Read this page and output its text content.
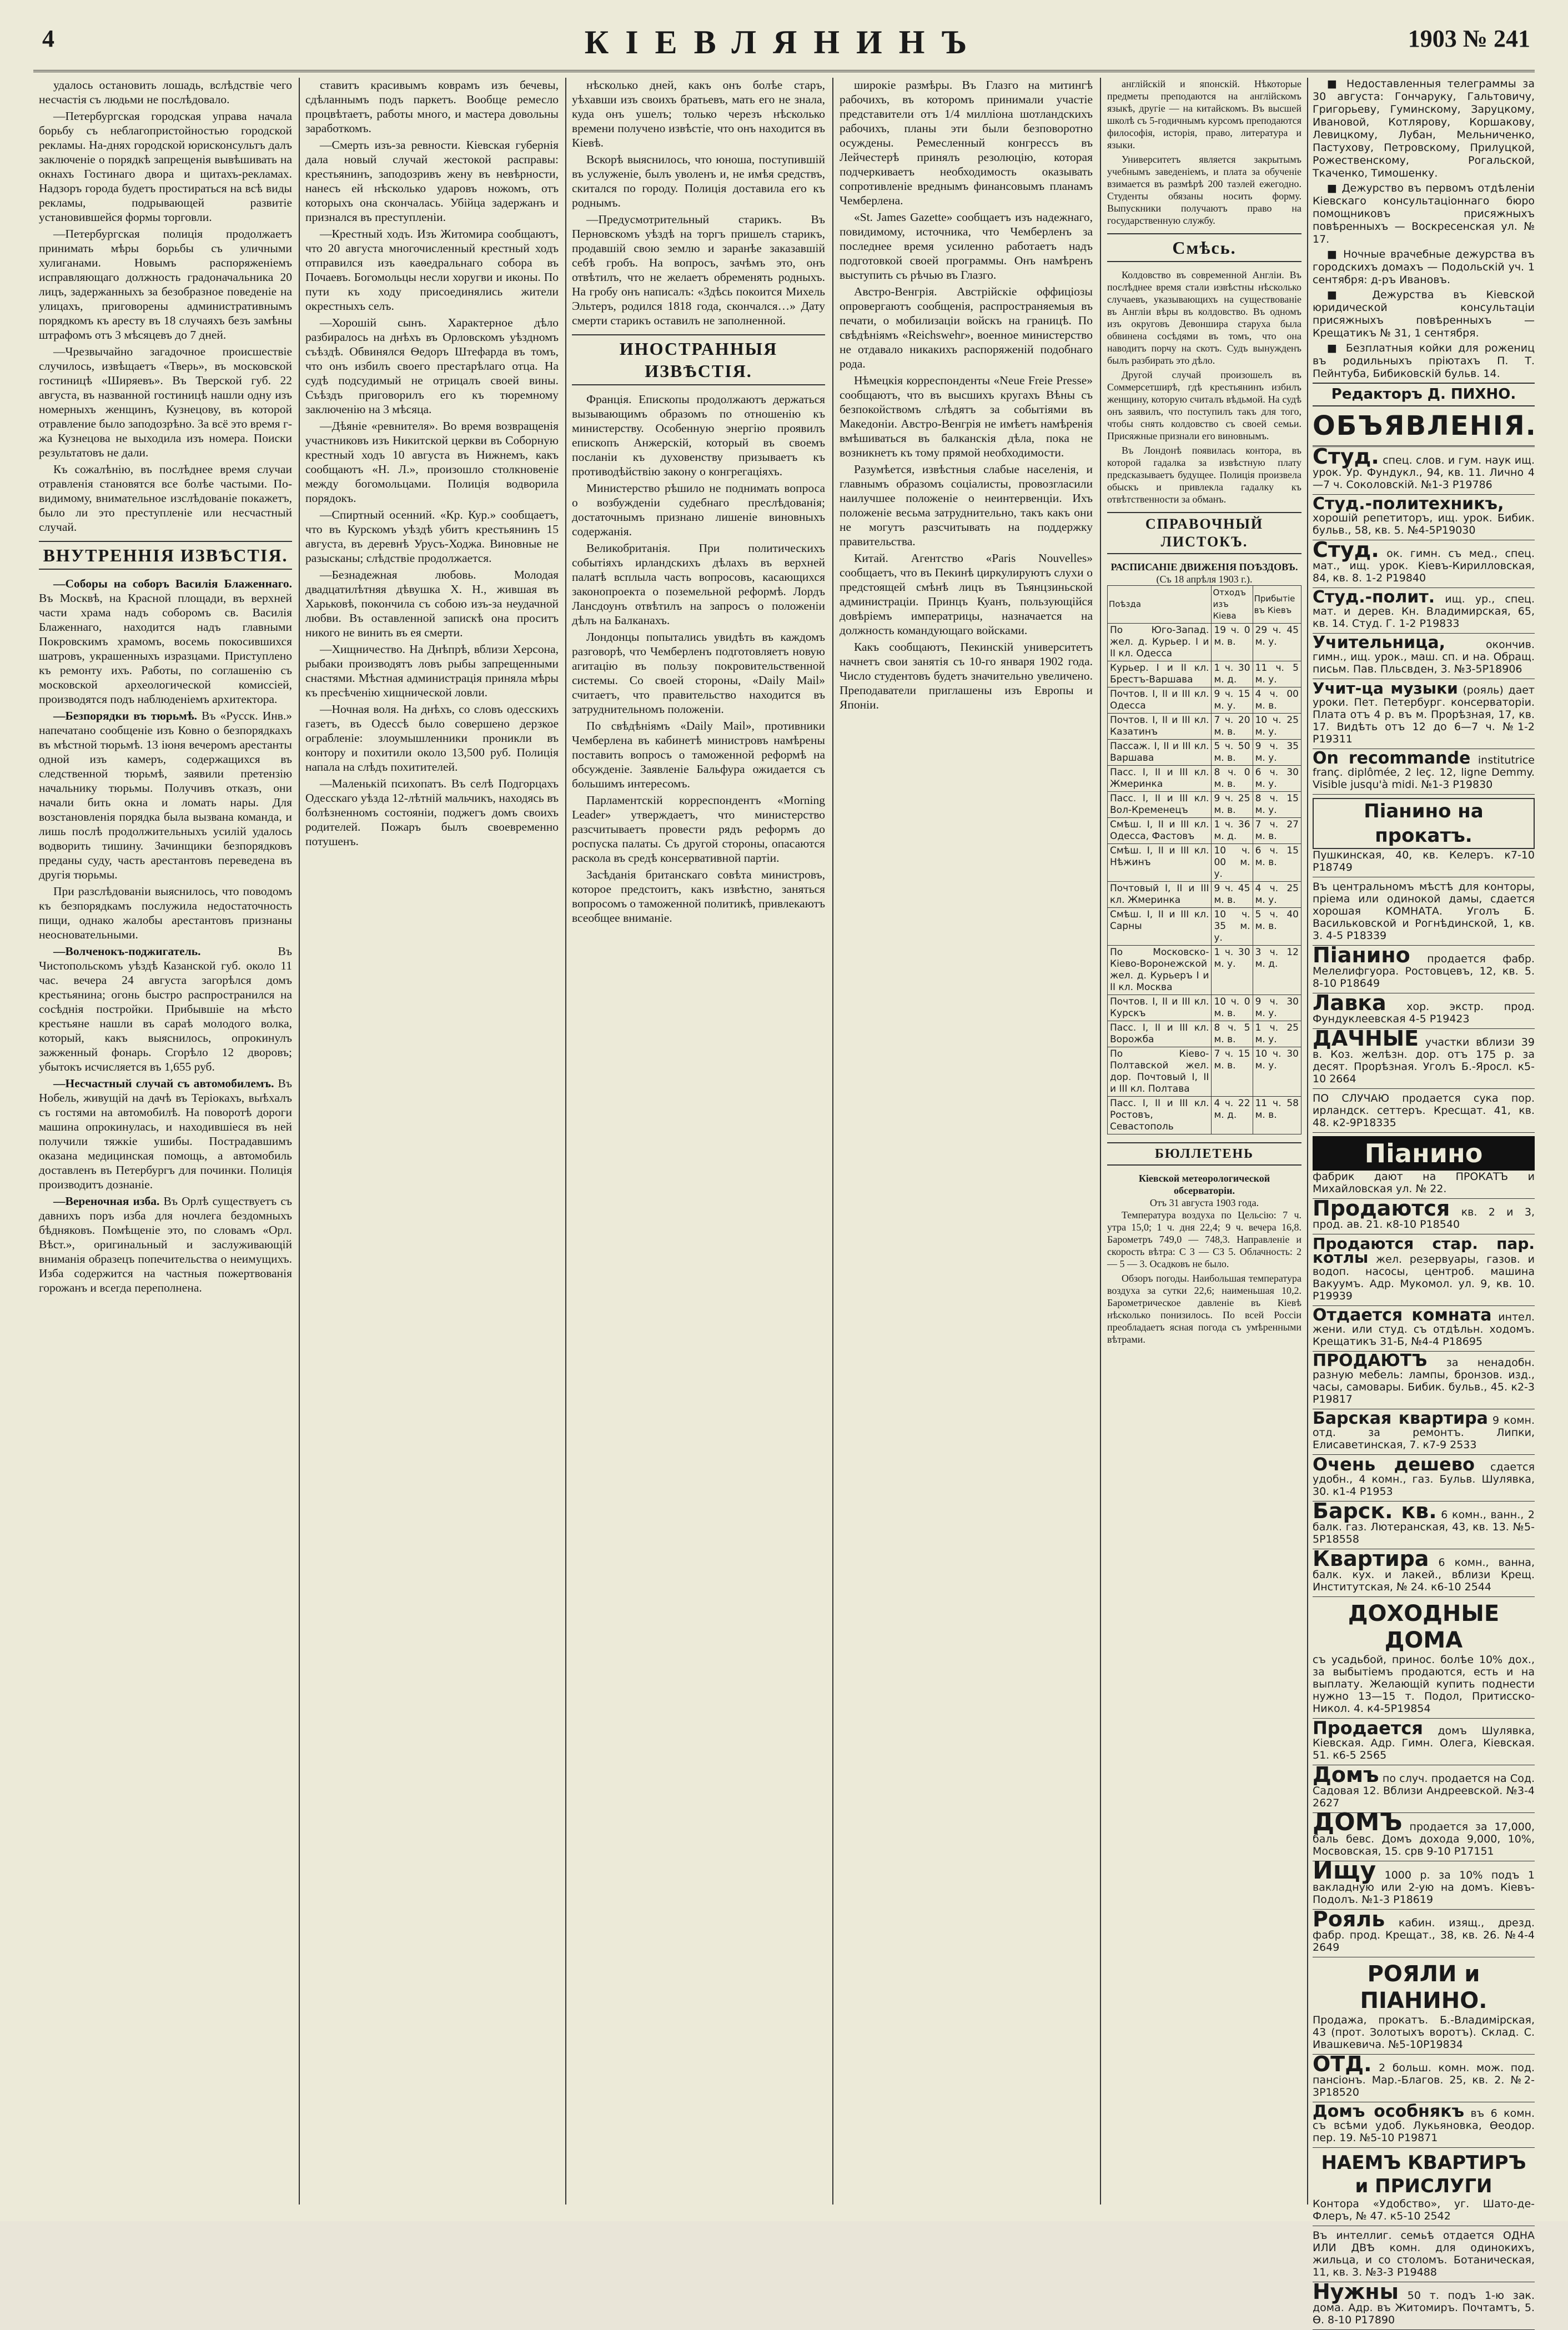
4	КІЕВЛЯНИНЪ	1903 № 241

удалось остановить лошадь, вслѣдствіе чего несчастія съ людьми не послѣдовало.

—Петербургская городская управа начала борьбу съ неблагопристойностью городской рекламы. На-днях городской юрисконсультъ далъ заключеніе о порядкѣ запрещенія вывѣшивать на окнахъ Гостинаго двора и щитахъ-рекламах. Надзоръ города будетъ простираться на всѣ виды рекламы, подрывающей развитіе установившейся формы торговли.

—Петербургская полиція продолжаетъ принимать мѣры борьбы съ уличными хулиганами. Новымъ распоряженіемъ исправляющаго должность градоначальника 20 лицъ, задержанныхъ за безобразное поведеніе на улицахъ, приговорены административнымъ порядкомъ къ аресту въ 18 случаяхъ безъ замѣны штрафомъ отъ 3 мѣсяцевъ до 7 дней.

—Чрезвычайно загадочное происшествіе случилось, извѣщаетъ «Тверь», въ московской гостиницѣ «Ширяевъ». Въ Тверской губ. 22 августа, въ названной гостиницѣ нашли одну изъ номерныхъ женщинъ, Кузнецову, въ которой отравление было заподозрѣно. За всё это время г-жа Кузнецова не выходила изъ номера. Поиски результатовъ не дали.

Къ сожалѣнію, въ послѣднее время случаи отравленія становятся все болѣе частыми. По-видимому, внимательное изслѣдованіе покажетъ, было ли это преступленіе или несчастный случай.

ВНУТРЕННІЯ ИЗВѢСТІЯ.

—Соборы на соборъ Василія Блаженнаго. Въ Москвѣ, на Красной площади, въ верхней части храма надъ соборомъ св. Василія Блаженнаго, находится надъ главными Покровскимъ храмомъ, восемь покосившихся шатровъ, украшенныхъ изразцами. Приступлено къ ремонту ихъ. Работы, по соглашенію съ московской археологической комиссіей, производятся подъ наблюденіемъ архитектора.

—Безпорядки въ тюрьмѣ. Въ «Русск. Инв.» напечатано сообщеніе изъ Ковно о безпорядкахъ въ мѣстной тюрьмѣ. 13 іюня вечеромъ арестанты одной изъ камеръ, содержащихся въ следственной тюрьмѣ, заявили претензію начальнику тюрьмы. Получивъ отказъ, они начали бить окна и ломать нары. Для возстановленія порядка была вызвана команда, и лишь послѣ продолжительныхъ усилій удалось водворить тишину. Зачинщики безпорядковъ преданы суду, часть арестантовъ переведена въ другія тюрьмы.

При разслѣдованіи выяснилось, что поводомъ къ безпорядкамъ послужила недостаточность пищи, однако жалобы арестантовъ признаны неосновательными.

—Волченокъ-поджигатель.	Въ Чистопольскомъ уѣздѣ Казанской губ. около 11 час. вечера 24 августа загорѣлся домъ крестьянина; огонь быстро распространился на сосѣднія постройки. Прибывшіе на мѣсто крестьяне нашли въ сараѣ молодого волка, который, какъ выяснилось, опрокинулъ зажженный фонарь. Сгорѣло 12 дворовъ; убытокъ исчисляется въ 1,655 руб.

—Несчастный случай съ автомобилемъ. Въ Нобель, живущій на дачѣ въ Терiокахъ, выѣхалъ съ гостями на автомобилѣ. На поворотѣ дороги машина опрокинулась, и находившіеся въ ней получили тяжкіе ушибы. Пострадавшимъ оказана медицинская помощь, а автомобиль доставленъ въ Петербургъ для починки. Полиція производитъ дознаніе.

—Вереночная изба. Въ Орлѣ существуетъ съ давнихъ поръ изба для ночлега бездомныхъ бѣдняковъ. Помѣщеніе это, по словамъ «Орл. Вѣст.», оригинальный и заслуживающій вниманія образецъ попечительства о неимущихъ. Изба содержится на частныя пожертвованія горожанъ и всегда переполнена.

ставитъ красивымъ коврамъ изъ бечевы, сдѣланнымъ подъ паркетъ. Вообще ремесло процвѣтаетъ, работы много, и мастера довольны заработкомъ.

—Смерть изъ-за ревности. Кіевская губернія дала новый случай жестокой расправы: крестьянинъ, заподозривъ жену въ невѣрности, нанесъ ей нѣсколько ударовъ ножомъ, отъ которыхъ она скончалась. Убійца задержанъ и признался въ преступленіи.

—Крестный ходъ. Изъ Житомира сообщаютъ, что 20 августа многочисленный крестный ходъ отправился изъ каѳедральнаго собора въ Почаевъ. Богомольцы несли хоругви и иконы. По пути къ ходу присоединялись жители окрестныхъ селъ.

—Хорошій сынъ. Характерное дѣло разбиралось на днѣхъ въ Орловскомъ уѣздномъ съѣздѣ. Обвинялся Ѳедоръ Штефарда въ томъ, что онъ избилъ своего престарѣлаго отца. На судѣ подсудимый не отрицалъ своей вины. Съѣздъ приговорилъ его къ тюремному заключенію на 3 мѣсяца.

—Дѣяніе «ревнителя». Во время возвращенія участниковъ изъ Никитской церкви въ Соборную крестный ходъ 10 августа въ Нижнемъ, какъ сообщаютъ «Н. Л.», произошло столкновеніе между богомольцами. Полиція водворила порядокъ.

—Спиртный осенний. «Кр. Кур.» сообщаетъ, что въ Курскомъ уѣздѣ убитъ крестьянинъ 15 августа, въ деревнѣ Урусъ-Ходжа. Виновные не разысканы; слѣдствіе продолжается.

—Безнадежная любовь. Молодая двадцатилѣтняя дѣвушка Х. Н., жившая въ Харьковѣ, покончила съ собою изъ-за неудачной любви. Въ оставленной запискѣ она проситъ никого не винить въ ея смерти.

—Хищничество. На Днѣпрѣ, вблизи Херсона, рыбаки производятъ ловъ рыбы запрещенными снастями. Мѣстная администрація приняла мѣры къ пресѣченію хищнической ловли.

—Ночная воля. На днѣхъ, со словъ одесскихъ газетъ, въ Одессѣ было совершено дерзкое ограбленіе: злоумышленники проникли въ контору и похитили около 13,500 руб. Полиція напала на слѣдъ похитителей.

—Маленькій психопатъ. Въ селѣ Подгорцахъ Одесскаго уѣзда 12-лѣтній мальчикъ, находясь въ болѣзненномъ состояніи, поджегъ домъ своихъ родителей. Пожаръ былъ своевременно потушенъ.

нѣсколько дней, какъ онъ болѣе старъ, уѣхавши изъ своихъ братьевъ, мать его не знала, куда онъ ушелъ; только черезъ нѣсколько времени получено извѣстіе, что онъ находится въ Кіевѣ.

Вскорѣ выяснилось, что юноша, поступившій въ услуженіе, былъ уволенъ и, не имѣя средствъ, скитался по городу. Полиція доставила его къ роднымъ.

—Предусмотрительный старикъ. Въ Перновскомъ уѣздѣ на торгъ пришелъ старикъ, продавшій свою землю и заранѣе заказавшій себѣ гробъ. На вопросъ, зачѣмъ это, онъ отвѣтилъ, что не желаетъ обременять родныхъ. На гробу онъ написалъ: «Здѣсь покоится Михель Эльтеръ, родился 1818 года, скончался…» Дату смерти старикъ оставилъ не заполненной.

ИНОСТРАННЫЯ ИЗВѢСТІЯ.

Франція. Епископы продолжаютъ держаться вызывающимъ образомъ по отношенію къ министерству. Особенную энергію проявилъ епископъ Анжерскій, который въ своемъ посланіи къ духовенству призываетъ къ противодѣйствію закону о конгрегаціяхъ.

Министерство рѣшило не поднимать вопроса о возбужденіи судебнаго преслѣдованія; достаточнымъ признано лишеніе виновныхъ содержанія.

Великобританія. При политическихъ событіяхъ ирландскихъ дѣлахъ въ верхней палатѣ всплыла часть вопросовъ, касающихся законопроекта о поземельной реформѣ. Лордъ Лансдоунъ отвѣтилъ на запросъ о положеніи дѣлъ на Балканахъ.

Лондонцы попытались увидѣть въ каждомъ разговорѣ, что Чемберленъ подготовляетъ новую агитацію въ пользу покровительственной системы. Со своей стороны, «Daily Mail» считаетъ, что правительство находится въ затруднительномъ положеніи.

По свѣдѣніямъ «Daily Mail», противники Чемберлена въ кабинетѣ министровъ намѣрены поставить вопросъ о таможенной реформѣ на обсужденіе. Заявленіе Бальфура ожидается съ большимъ интересомъ.

Парламентскій корреспондентъ «Morning Leader» утверждаетъ, что министерство разсчитываетъ провести рядъ реформъ до роспуска палаты. Съ другой стороны, опасаются раскола въ средѣ консервативной партіи.

Засѣданія британскаго совѣта министровъ, которое предстоитъ, какъ извѣстно, заняться вопросомъ о таможенной политикѣ, привлекаютъ всеобщее вниманіе.

широкіе размѣры. Въ Глазго на митингѣ рабочихъ, въ которомъ принимали участіе представители отъ 1/4 милліона шотландскихъ рабочихъ, планы эти были безповоротно осуждены. Ремесленный конгрессъ въ Лейчестерѣ принялъ резолюцію, которая подчеркиваетъ необходимость оказывать сопротивленіе вреднымъ финансовымъ планамъ Чемберлена.

«St. James Gazette» сообщаетъ изъ надежнаго, повидимому, источника, что Чемберленъ за последнее время усиленно работаетъ надъ подготовкой своей программы. Онъ намѣренъ выступить съ рѣчью въ Глазго.

Австро-Венгрія. Австрійскіе оффиціозы опровергаютъ сообщенія, распространяемыя въ печати, о мобилизаціи войскъ на границѣ. По свѣдѣніямъ «Reichswehr», военное министерство не отдавало никакихъ распоряженій подобнаго рода.

Нѣмецкія корреспонденты «Neue Freie Presse» сообщаютъ, что въ высшихъ кругахъ Вѣны съ безпокойствомъ слѣдятъ за событіями въ Македоніи. Австро-Венгрія не имѣетъ намѣренія вмѣшиваться въ балканскія дѣла, пока не возникнетъ къ тому прямой необходимости.

Разумѣется, извѣстныя слабые населенія, и главнымъ образомъ соціалисты, провозгласили наилучшее положеніе о неинтервенціи. Ихъ положеніе весьма затруднительно, такъ какъ они не могутъ разсчитывать на поддержку правительства.

Китай. Агентство «Paris Nouvelles» сообщаетъ, что въ Пекинѣ циркулируютъ слухи о предстоящей смѣнѣ лицъ въ Тьянцзиньской администраціи. Принцъ Куанъ, пользующійся довѣріемъ императрицы, назначается на должность командующаго войсками.

Какъ сообщаютъ, Пекинскій университетъ начнетъ свои занятія съ 10-го января 1902 года. Число студентовъ будетъ значительно увеличено. Преподаватели приглашены изъ Европы и Японіи.

англійскій и японскій. Нѣкоторые предметы преподаются на англійскомъ языкѣ, другіе — на китайскомъ. Въ высшей школѣ съ 5-годичнымъ курсомъ преподаются философія, исторія, право, литература и языки.

Университетъ является закрытымъ учебнымъ заведеніемъ, и плата за обученіе взимается въ размѣрѣ 200 таэлей ежегодно. Студенты обязаны носить форму. Выпускники получаютъ право на государственную службу.

Смѣсь.

Колдовство въ современной Англіи. Въ послѣднее время стали извѣстны нѣсколько случаевъ, указывающихъ на существованіе въ Англіи вѣры въ колдовство. Въ одномъ изъ округовъ Девоншира старуха была обвинена сосѣдями въ томъ, что она наводитъ порчу на скотъ. Судъ вынужденъ былъ разбирать это дѣло.

Другой случай произошелъ въ Соммерсетширѣ, гдѣ крестьянинъ избилъ женщину, которую считалъ вѣдьмой. На судѣ онъ заявилъ, что поступилъ такъ для того, чтобы снять колдовство съ своей семьи. Присяжные признали его виновнымъ.

Въ Лондонѣ появилась контора, въ которой гадалка за извѣстную плату предсказываетъ будущее. Полиція произвела обыскъ и привлекла гадалку къ отвѣтственности за обманъ.

СПРАВОЧНЫЙ ЛИСТОКЪ.
РАСПИСАНІЕ ДВИЖЕНІЯ ПОѢЗДОВЪ.
(Съ 18 апрѣля 1903 г.).
Поѣзда	Отходъ изъ Кіева	Прибытіе въ Кіевъ
По Юго-Запад. жел. д. Курьер. I и II кл. Одесса	19 ч. 0 м. в.	29 ч. 45 м. у.
Курьер. I и II кл. Брестъ-Варшава	1 ч. 30 м. д.	11 ч. 5 м. у.
Почтов. I, II и III кл. Одесса	9 ч. 15 м. у.	4 ч. 00 м. в.
Почтов. I, II и III кл. Казатинъ	7 ч. 20 м. в.	10 ч. 25 м. у.
Пассаж. I, II и III кл. Варшава	5 ч. 50 м. в.	9 ч. 35 м. у.
Пасс. I, II и III кл. Жмеринка	8 ч. 0 м. в.	6 ч. 30 м. у.
Пасс. I, II и III кл. Вол-Кременецъ	9 ч. 25 м. в.	8 ч. 15 м. у.
Смѣш. I, II и III кл. Одесса, Фастовъ	1 ч. 36 м. д.	7 ч. 27 м. в.
Смѣш. I, II и III кл. Нѣжинъ	10 ч. 00 м. у.	6 ч. 15 м. в.
Почтовый I, II и III кл. Жмеринка	9 ч. 45 м. в.	4 ч. 25 м. у.
Смѣш. I, II и III кл. Сарны	10 ч. 35 м. у.	5 ч. 40 м. в.
По Московско-Кіево-Воронежской жел. д. Курьеръ I и II кл. Москва	1 ч. 30 м. у.	3 ч. 12 м. д.
Почтов. I, II и III кл. Курскъ	10 ч. 0 м. в.	9 ч. 30 м. у.
Пасс. I, II и III кл. Ворожба	8 ч. 5 м. в.	1 ч. 25 м. у.
По Кіево-Полтавской жел. дор. Почтовый I, II и III кл. Полтава	7 ч. 15 м. в.	10 ч. 30 м. у.
Пасс. I, II и III кл. Ростовъ, Севастополь	4 ч. 22 м. д.	11 ч. 58 м. в.
БЮЛЛЕТЕНЬ
Кіевской метеорологической обсерваторіи.
Отъ 31 августа 1903 года.

Температура воздуха по Цельсію: 7 ч. утра 15,0; 1 ч. дня 22,4; 9 ч. вечера 16,8. Барометръ 749,0 — 748,3. Направленіе и скорость вѣтра: С 3 — СЗ 5. Облачность: 2 — 5 — 3. Осадковъ не было.

Обзоръ погоды. Наибольшая температура воздуха за сутки 22,6; наименьшая 10,2. Барометрическое давленіе въ Кіевѣ нѣсколько понизилось. По всей Россіи преобладаетъ ясная погода съ умѣренными вѣтрами.

■ Недоставленныя телеграммы за 30 августа: Гончаруку, Гальтовичу, Григорьеву, Гуминскому, Заруцкому, Ивановой, Котлярову, Коршакову, Левицкому, Лубан, Мельниченко, Пастухову, Петровскому, Прилуцкой, Рожественскому, Рогальской, Ткаченко, Тимошенку.

■ Дежурство въ первомъ отдѣленіи Кіевскаго консультаціоннаго бюро помощниковъ присяжныхъ повѣренныхъ — Воскресенская ул. № 17.

■ Ночные врачебные дежурства въ городскихъ домахъ — Подольскій уч. 1 сентября: д-ръ Ивановъ.

■ Дежурства въ Кіевской юридической консультаціи присяжныхъ повѣренныхъ — Крещатикъ № 31, 1 сентября.

■ Безплатныя койки для рожениц въ родильныхъ пріютахъ П. Т. Пейнтуба, Бибиковскій бульв. 14.

Редакторъ Д. ПИХНО.
ОБЪЯВЛЕНІЯ.
Студ. спец. слов. и гум. наук ищ. урок. Ур. Фундукл., 94, кв. 11. Лично 4—7 ч. Соколовскій. №1-3 Р19786
Студ.-политехникъ, хорошій репетиторъ, ищ. урок. Бибик. бульв., 58, кв. 5. №4-5Р19030
Студ. ок. гимн. съ мед., спец. мат., ищ. урок. Кіевъ-Кирилловская, 84, кв. 8. 1-2 Р19840
Студ.-полит. ищ. ур., спец. мат. и дерев. Кн. Владимирская, 65, кв. 14. Студ. Г. 1-2 Р19833
Учительница,	окончив. гимн., ищ. урок., маш. сп. и на. Обращ. письм. Пав. Пльсвден, 3. №3-5Р18906
Учит-ца музыки (рояль) дает уроки. Пет. Петербург. консерваторіи. Плата отъ 4 р. въ м. Прорѣзная, 17, кв. 17. Видѣть отъ 12 до 6—7 ч. №1-2 Р19311
On recommande institutrice franç. diplômée, 2 leç. 12, ligne Demmy. Visible jusqu'à midi. №1-3 Р19830
Піанино на прокатъ.
Пушкинская, 40, кв. Келеръ. к7-10 Р18749
Въ центральномъ мѣстѣ для конторы, пріема или одинокой дамы, сдается хорошая КОМНАТА. Уголъ Б. Васильковской и Рогнѣдинской, 1, кв. 3. 4-5 Р18339
Піанино продается фабр. Мелелифгуора. Ростовцевъ, 12, кв. 5. 8-10 Р18649
Лавка хор. экстр. прод. Фундуклеевская 4-5 Р19423
ДАЧНЫЕ участки вблизи 39 в. Коз. желѣзн. дор. отъ 175 р. за десят. Прорѣзная. Уголъ Б.-Яросл. к5-10 2664
ПО СЛУЧАЮ продается сука пор. ирландск. сеттеръ. Кресщат. 41, кв. 48. к2-9Р18335
Піанино
фабрик дают на ПРОКАТЪ и Михайловская ул. № 22.
Продаются кв. 2 и 3, прод. ав. 21. к8-10 Р18540
Продаются стар. пар. котлы жел. резервуары, газов. и водоп. насосы, центроб. машина Вакуумъ. Адр. Мукомол. ул. 9, кв. 10. Р19939
Отдается комната интел. жени. или студ. съ отдѣльн. ходомъ. Крещатикъ 31-Б, №4-4 Р18695
ПРОДАЮТЪ за ненадобн. разную мебель: лампы, бронзов. изд., часы, самовары. Бибик. бульв., 45. к2-3 Р19817
Барская квартира 9 комн. отд. за ремонтъ. Липки, Елисаветинская, 7. к7-9 2533
Очень дешево сдается удобн., 4 комн., газ. Бульв. Шулявка, 30. к1-4 Р1953
Барск. кв. 6 комн., ванн., 2 балк. газ. Лютеранская, 43, кв. 13. №5-5Р18558
Квартира 6 комн., ванна, балк. кух. и лакей., вблизи Крещ. Институтская, № 24. к6-10 2544
ДОХОДНЫЕ ДОМА
съ усадьбой, принос. болѣе 10% дох., за выбытіемъ продаются, есть и на выплату. Желающій купить поднести нужно 13—15 т. Подол, Притисско-Никол. 4. к4-5Р19854
Продается домъ Шулявка, Кіевская. Адр. Гимн. Олега, Кіевская. 51. к6-5 2565
Домъ по случ. продается на Сод. Садовая 12. Вблизи Андреевской. №3-4 2627
ДОМЪ продается за 17,000, баль бевс. Домъ дохода 9,000, 10%, Мосвовская, 15. срв 9-10 Р17151
Ищу 1000 р. за 10% подъ 1 вакладную или 2-ую на домъ. Кіевъ-Подолъ. №1-3 Р18619
Рояль кабин. изящ., дрезд. фабр. прод. Крещат., 38, кв. 26. №4-4 2649
РОЯЛИ и ПІАНИНО.
Продажа, прокатъ. Б.-Владимірская, 43 (прот. Золотыхъ воротъ). Склад. С. Ивашкевича. №5-10Р19834
ОТД. 2 больш. комн. мож. под. пансіонъ. Мар.-Благов. 25, кв. 2. №2-3Р18520
Домъ особнякъ въ 6 комн. съ всѣми удоб. Лукьяновка, Ѳеодор. пер. 19. №5-10 Р19871
НАЕМЪ КВАРТИРЪ и ПРИСЛУГИ
Контора «Удобство», уг. Шато-де-Флеръ, № 47. к5-10 2542
Въ интеллиг. семьѣ отдается ОДНА ИЛИ ДВѢ комн. для одинокихъ, жильца, и со столомъ. Ботаническая, 11, кв. 3. №3-3 Р19488
Нужны 50 т. подъ 1-ю зак. дома. Адр. въ Житомиръ. Почтамтъ, 5. Ѳ. 8-10 Р17890
